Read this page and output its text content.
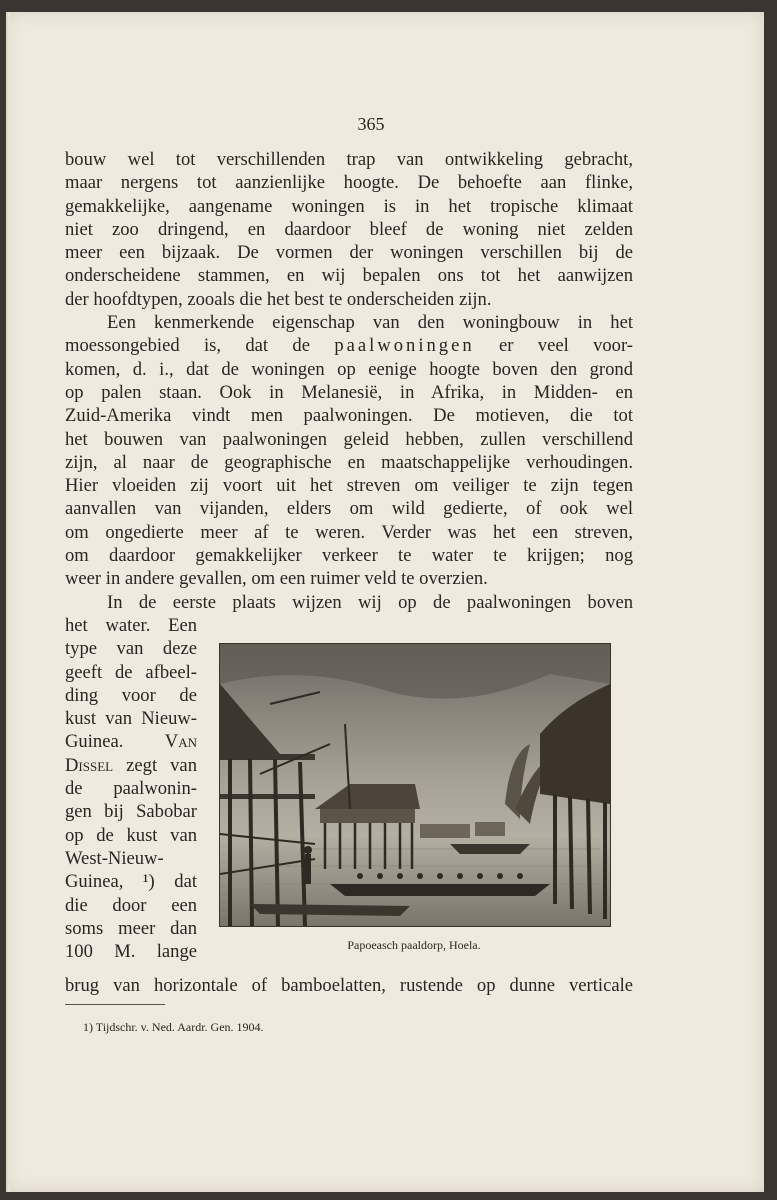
365
bouw wel tot verschillenden trap van ontwikkeling gebracht,
maar nergens tot aanzienlijke hoogte. De behoefte aan flinke,
gemakkelijke, aangename woningen is in het tropische klimaat
niet zoo dringend, en daardoor bleef de woning niet zelden
meer een bijzaak. De vormen der woningen verschillen bij de
onderscheidene stammen, en wij bepalen ons tot het aanwijzen
der hoofdtypen, zooals die het best te onderscheiden zijn.
Een kenmerkende eigenschap van den woningbouw in het
moessongebied is, dat de paalwoningen er veel voor-
komen, d. i., dat de woningen op eenige hoogte boven den grond
op palen staan. Ook in Melanesië, in Afrika, in Midden- en
Zuid-Amerika vindt men paalwoningen. De motieven, die tot
het bouwen van paalwoningen geleid hebben, zullen verschillend
zijn, al naar de geographische en maatschappelijke verhoudingen.
Hier vloeiden zij voort uit het streven om veiliger te zijn tegen
aanvallen van vijanden, elders om wild gedierte, of ook wel
om ongedierte meer af te weren. Verder was het een streven,
om daardoor gemakkelijker verkeer te water te krijgen; nog
weer in andere gevallen, om een ruimer veld te overzien.
In de eerste plaats wijzen wij op de paalwoningen boven
het water. Een
type van deze
geeft de afbeel-
ding voor de
kust van Nieuw-
Guinea. Van
Dissel zegt van
de paalwonin-
gen bij Sabobar
op de kust van
West-Nieuw-
Guinea, ¹) dat
die door een
soms meer dan
100 M. lange	Papoeasch paaldorp, Hoela.
brug van horizontale of bamboelatten, rustende op dunne verticale
1) Tijdschr. v. Ned. Aardr. Gen. 1904.
